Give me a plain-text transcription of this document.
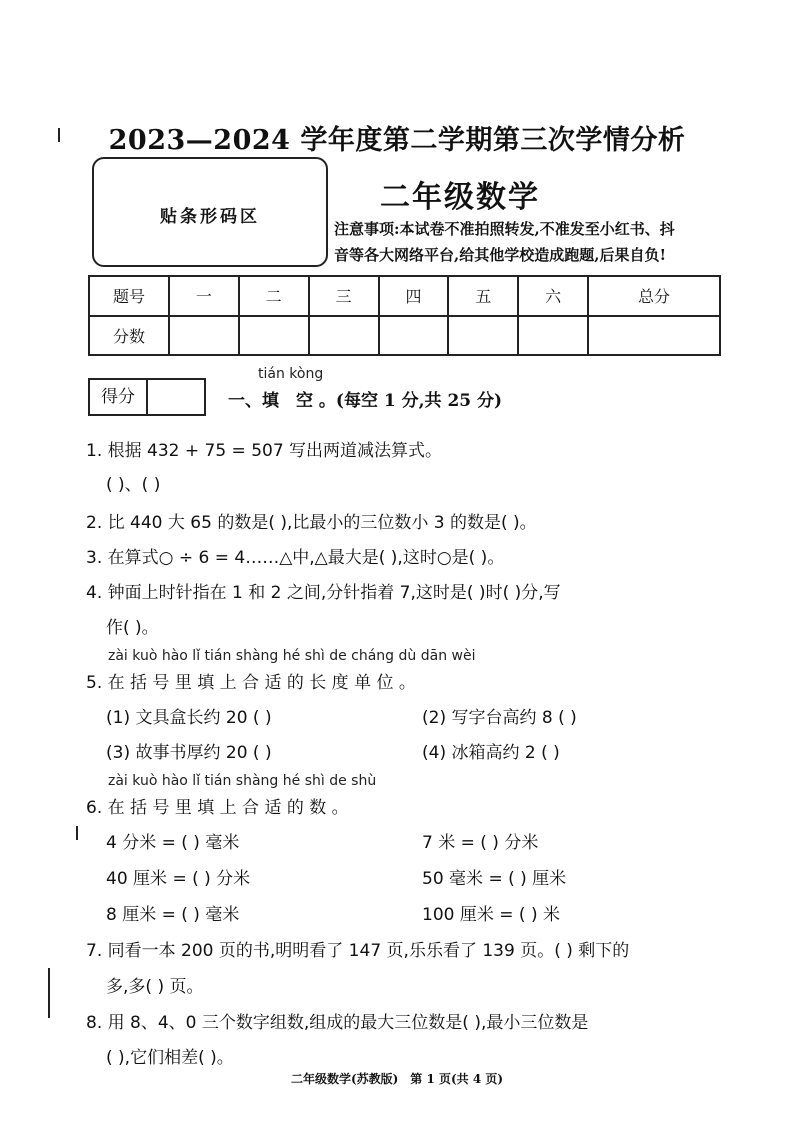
2023—2024 学年度第二学期第三次学情分析
贴条形码区
二年级数学
注意事项:本试卷不准拍照转发,不准发至小红书、抖
音等各大网络平台,给其他学校造成跑题,后果自负!
题号	一	二	三	四	五	六	总分
分数							
得分
tián kòng
一、填　空 。(每空 1 分,共 25 分)
1. 根据 432 + 75 = 507 写出两道减法算式。
( )、( )
2. 比 440 大 65 的数是( ),比最小的三位数小 3 的数是( )。
3. 在算式○ ÷ 6 = 4……△中,△最大是( ),这时○是( )。
4. 钟面上时针指在 1 和 2 之间,分针指着 7,这时是( )时( )分,写
作( )。
zài kuò hào lǐ tián shàng hé shì de cháng dù dān wèi
5. 在 括 号 里 填 上 合 适 的 长 度 单 位 。
(1) 文具盒长约 20 ( )	(2) 写字台高约 8 ( )
(3) 故事书厚约 20 ( )	(4) 冰箱高约 2 ( )
zài kuò hào lǐ tián shàng hé shì de shù
6. 在 括 号 里 填 上 合 适 的 数 。
4 分米 = ( ) 毫米	7 米 = ( ) 分米
40 厘米 = ( ) 分米	50 毫米 = ( ) 厘米
8 厘米 = ( ) 毫米	100 厘米 = ( ) 米
7. 同看一本 200 页的书,明明看了 147 页,乐乐看了 139 页。( ) 剩下的
多,多( ) 页。
8. 用 8、4、0 三个数字组数,组成的最大三位数是( ),最小三位数是
( ),它们相差( )。
二年级数学(苏教版)　第 1 页(共 4 页)
